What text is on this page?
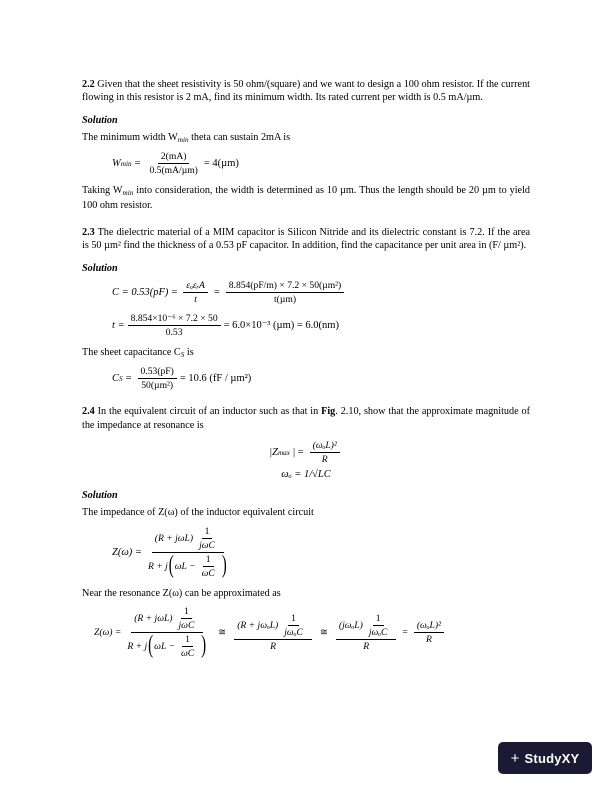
2.2 Given that the sheet resistivity is 50 ohm/(square) and we want to design a 100 ohm resistor. If the current flowing in this resistor is 2 mA, find its minimum width. Its rated current per width is 0.5 mA/µm.

Solution

The minimum width $W_{min}$ theta can sustain 2mA is

W $\min = \frac{2(mA)}{\text{0.5(mA/µm)}} = 4(\mu m)$

Taking $W_{min}$ into consideration, the width is determined as 10 µm. Thus the length should be 20 µm to yield 100 ohm resistor.

2.3 The dielectric material of a MIM capacitor is Silicon Nitride and its dielectric constant is 7.2. If the area is 50 µm² find the thickness of a 0.53 pF capacitor. In addition, find the capacitance per unit area in (F/ µm²).

Solution
$C = 0.53(pF) = \frac{\text{εₒεᵣA}}{t} = \frac{\text{8.854(pF/m) × 7.2 × 50(µm²)}}{\text{t(µm)}}$
$t = \frac{\text{8.854×10⁻⁶ × 7.2 × 50}}{0.53} = 6.0\times 10^{-3}$ (µm) = 6.0(nm)

The sheet capacitance $C_S$ is

C $S = \frac{0.53(pF)}{\text{50(µm²)}} = 10.6$ (fF / µm²)

2.4 In the equivalent circuit of an inductor such as that in Fig. 2.10, show that the approximate magnitude of the impedance at resonance is

|Z max | = $\frac{\text{(ωₒL)²}}{R}$
ωₒ = 1/√LC
Solution

The impedance of Z(ω) of the inductor equivalent circuit

Z(ω) =
$(R + j\omega L) \frac{1}{\text{jωC}}$
R + j ( $\omega L - \frac{1}{\omega C}$ )

Near the resonance Z(ω) can be approximated as

Z(ω) =
$(R + j\omega L) \frac{1}{\text{jωC}}$
R + j ( $\omega L - \frac{1}{\omega C}$ )
≅
$(R + j\omega_oL) \frac{1}{\text{jωₒC}}$
R
≅ $\frac{(j\omega_oL) \frac{1}{\text{jωₒC}}}{R} = \frac{\text{(ωₒL)²}}{R}$
+ StudyXY
